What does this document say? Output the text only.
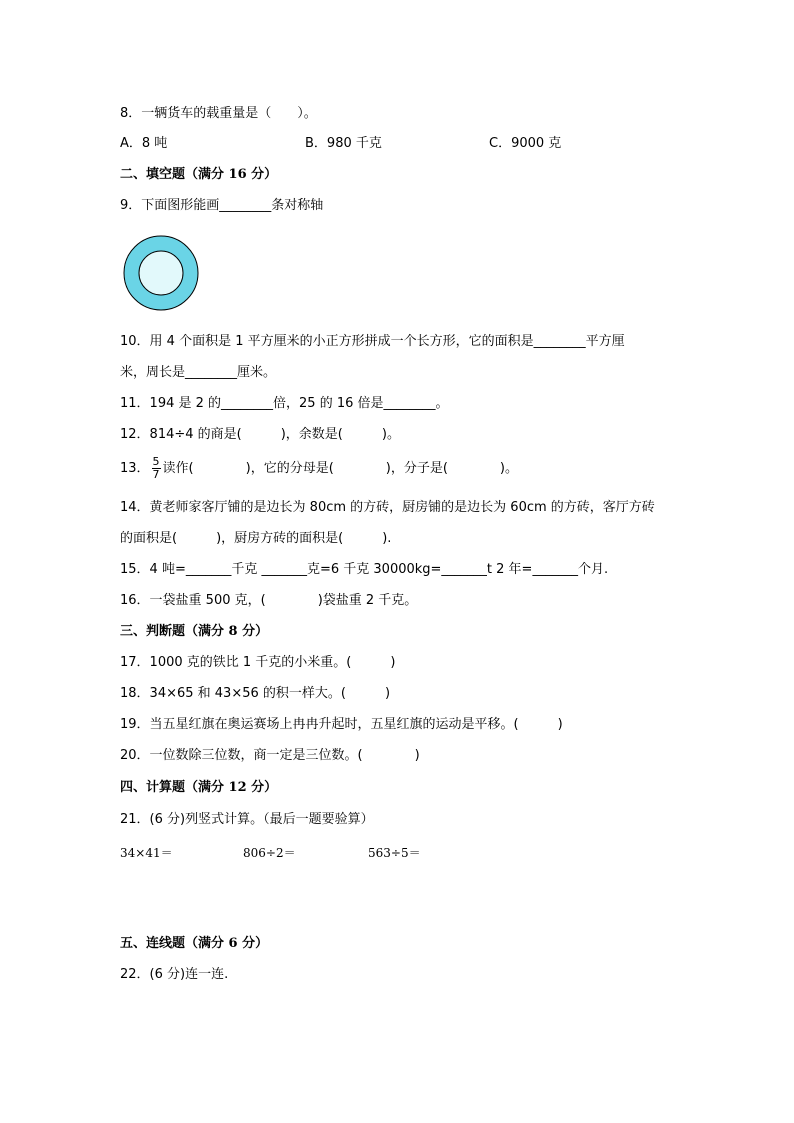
8．一辆货车的载重量是（　　）。
A．8 吨	B．980 千克	C．9000 克
二、填空题（满分 16 分）
9．下面图形能画________条对称轴
10．用 4 个面积是 1 平方厘米的小正方形拼成一个长方形，它的面积是________平方厘
米，周长是________厘米。
11．194 是 2 的________倍，25 的 16 倍是________。
12．814÷4 的商是(　　　)，余数是(　　　)。
13． $\frac{5}{7}$ 读作(　　　　)，它的分母是(　　　　)，分子是(　　　　)。
14．黄老师家客厅铺的是边长为 80cm 的方砖，厨房铺的是边长为 60cm 的方砖，客厅方砖
的面积是(　　　)，厨房方砖的面积是(　　　).
15．4 吨=_______千克 _______克=6 千克 30000kg=_______t 2 年=_______个月.
16．一袋盐重 500 克，(　　　　)袋盐重 2 千克。
三、判断题（满分 8 分）
17．1000 克的铁比 1 千克的小米重。(　　　)
18．34×65 和 43×56 的积一样大。(　　　)
19．当五星红旗在奥运赛场上冉冉升起时，五星红旗的运动是平移。(　　　)
20．一位数除三位数，商一定是三位数。(　　　　)
四、计算题（满分 12 分）
21．(6 分)列竖式计算。（最后一题要验算）
34×41＝	806÷2＝	563÷5＝
五、连线题（满分 6 分）
22．(6 分)连一连.
